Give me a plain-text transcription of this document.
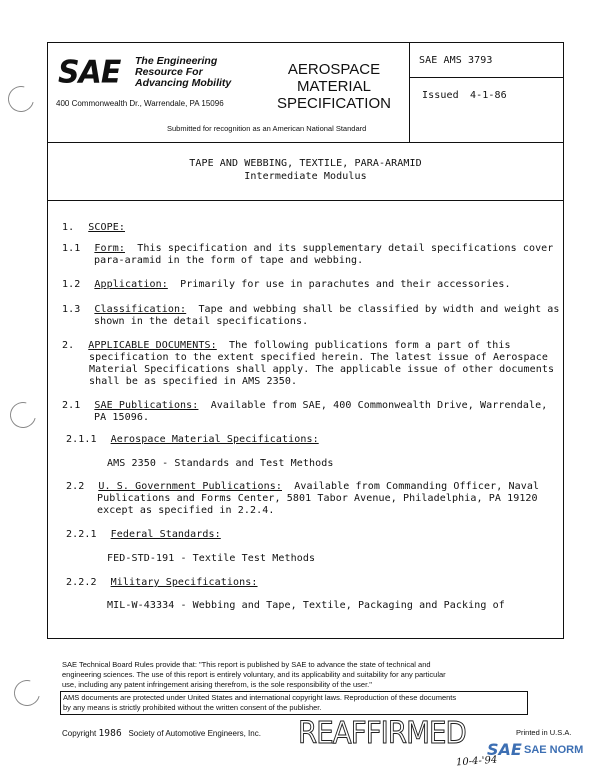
SAE The Engineering
Resource For
Advancing Mobility
400 Commonwealth Dr., Warrendale, PA 15096
AEROSPACE
MATERIAL
SPECIFICATION
SAE AMS 3793
Issued 4-1-86
Submitted for recognition as an American National Standard
TAPE AND WEBBING, TEXTILE, PARA-ARAMID
Intermediate Modulus
1. SCOPE:
1.1 Form: This specification and its supplementary detail specifications cover
para-aramid in the form of tape and webbing.
1.2 Application: Primarily for use in parachutes and their accessories.
1.3 Classification: Tape and webbing shall be classified by width and weight as
shown in the detail specifications.
2. APPLICABLE DOCUMENTS: The following publications form a part of this
specification to the extent specified herein. The latest issue of Aerospace
Material Specifications shall apply. The applicable issue of other documents
shall be as specified in AMS 2350.
2.1 SAE Publications: Available from SAE, 400 Commonwealth Drive, Warrendale,
PA 15096.
2.1.1 Aerospace Material Specifications:
AMS 2350 - Standards and Test Methods
2.2 U. S. Government Publications: Available from Commanding Officer, Naval
Publications and Forms Center, 5801 Tabor Avenue, Philadelphia, PA 19120
except as specified in 2.2.4.
2.2.1 Federal Standards:
FED-STD-191 - Textile Test Methods
2.2.2 Military Specifications:
MIL-W-43334 - Webbing and Tape, Textile, Packaging and Packing of
SAE Technical Board Rules provide that: "This report is published by SAE to advance the state of technical and
engineering sciences. The use of this report is entirely voluntary, and its applicability and suitability for any particular
use, including any patent infringement arising therefrom, is the sole responsibility of the user."
AMS documents are protected under United States and international copyright laws. Reproduction of these documents
by any means is strictly prohibited without the written consent of the publisher.
Copyright 1986 Society of Automotive Engineers, Inc. REAFFIRMED	Printed in U.S.A.
SAE SAE NORM
10-4-'94
